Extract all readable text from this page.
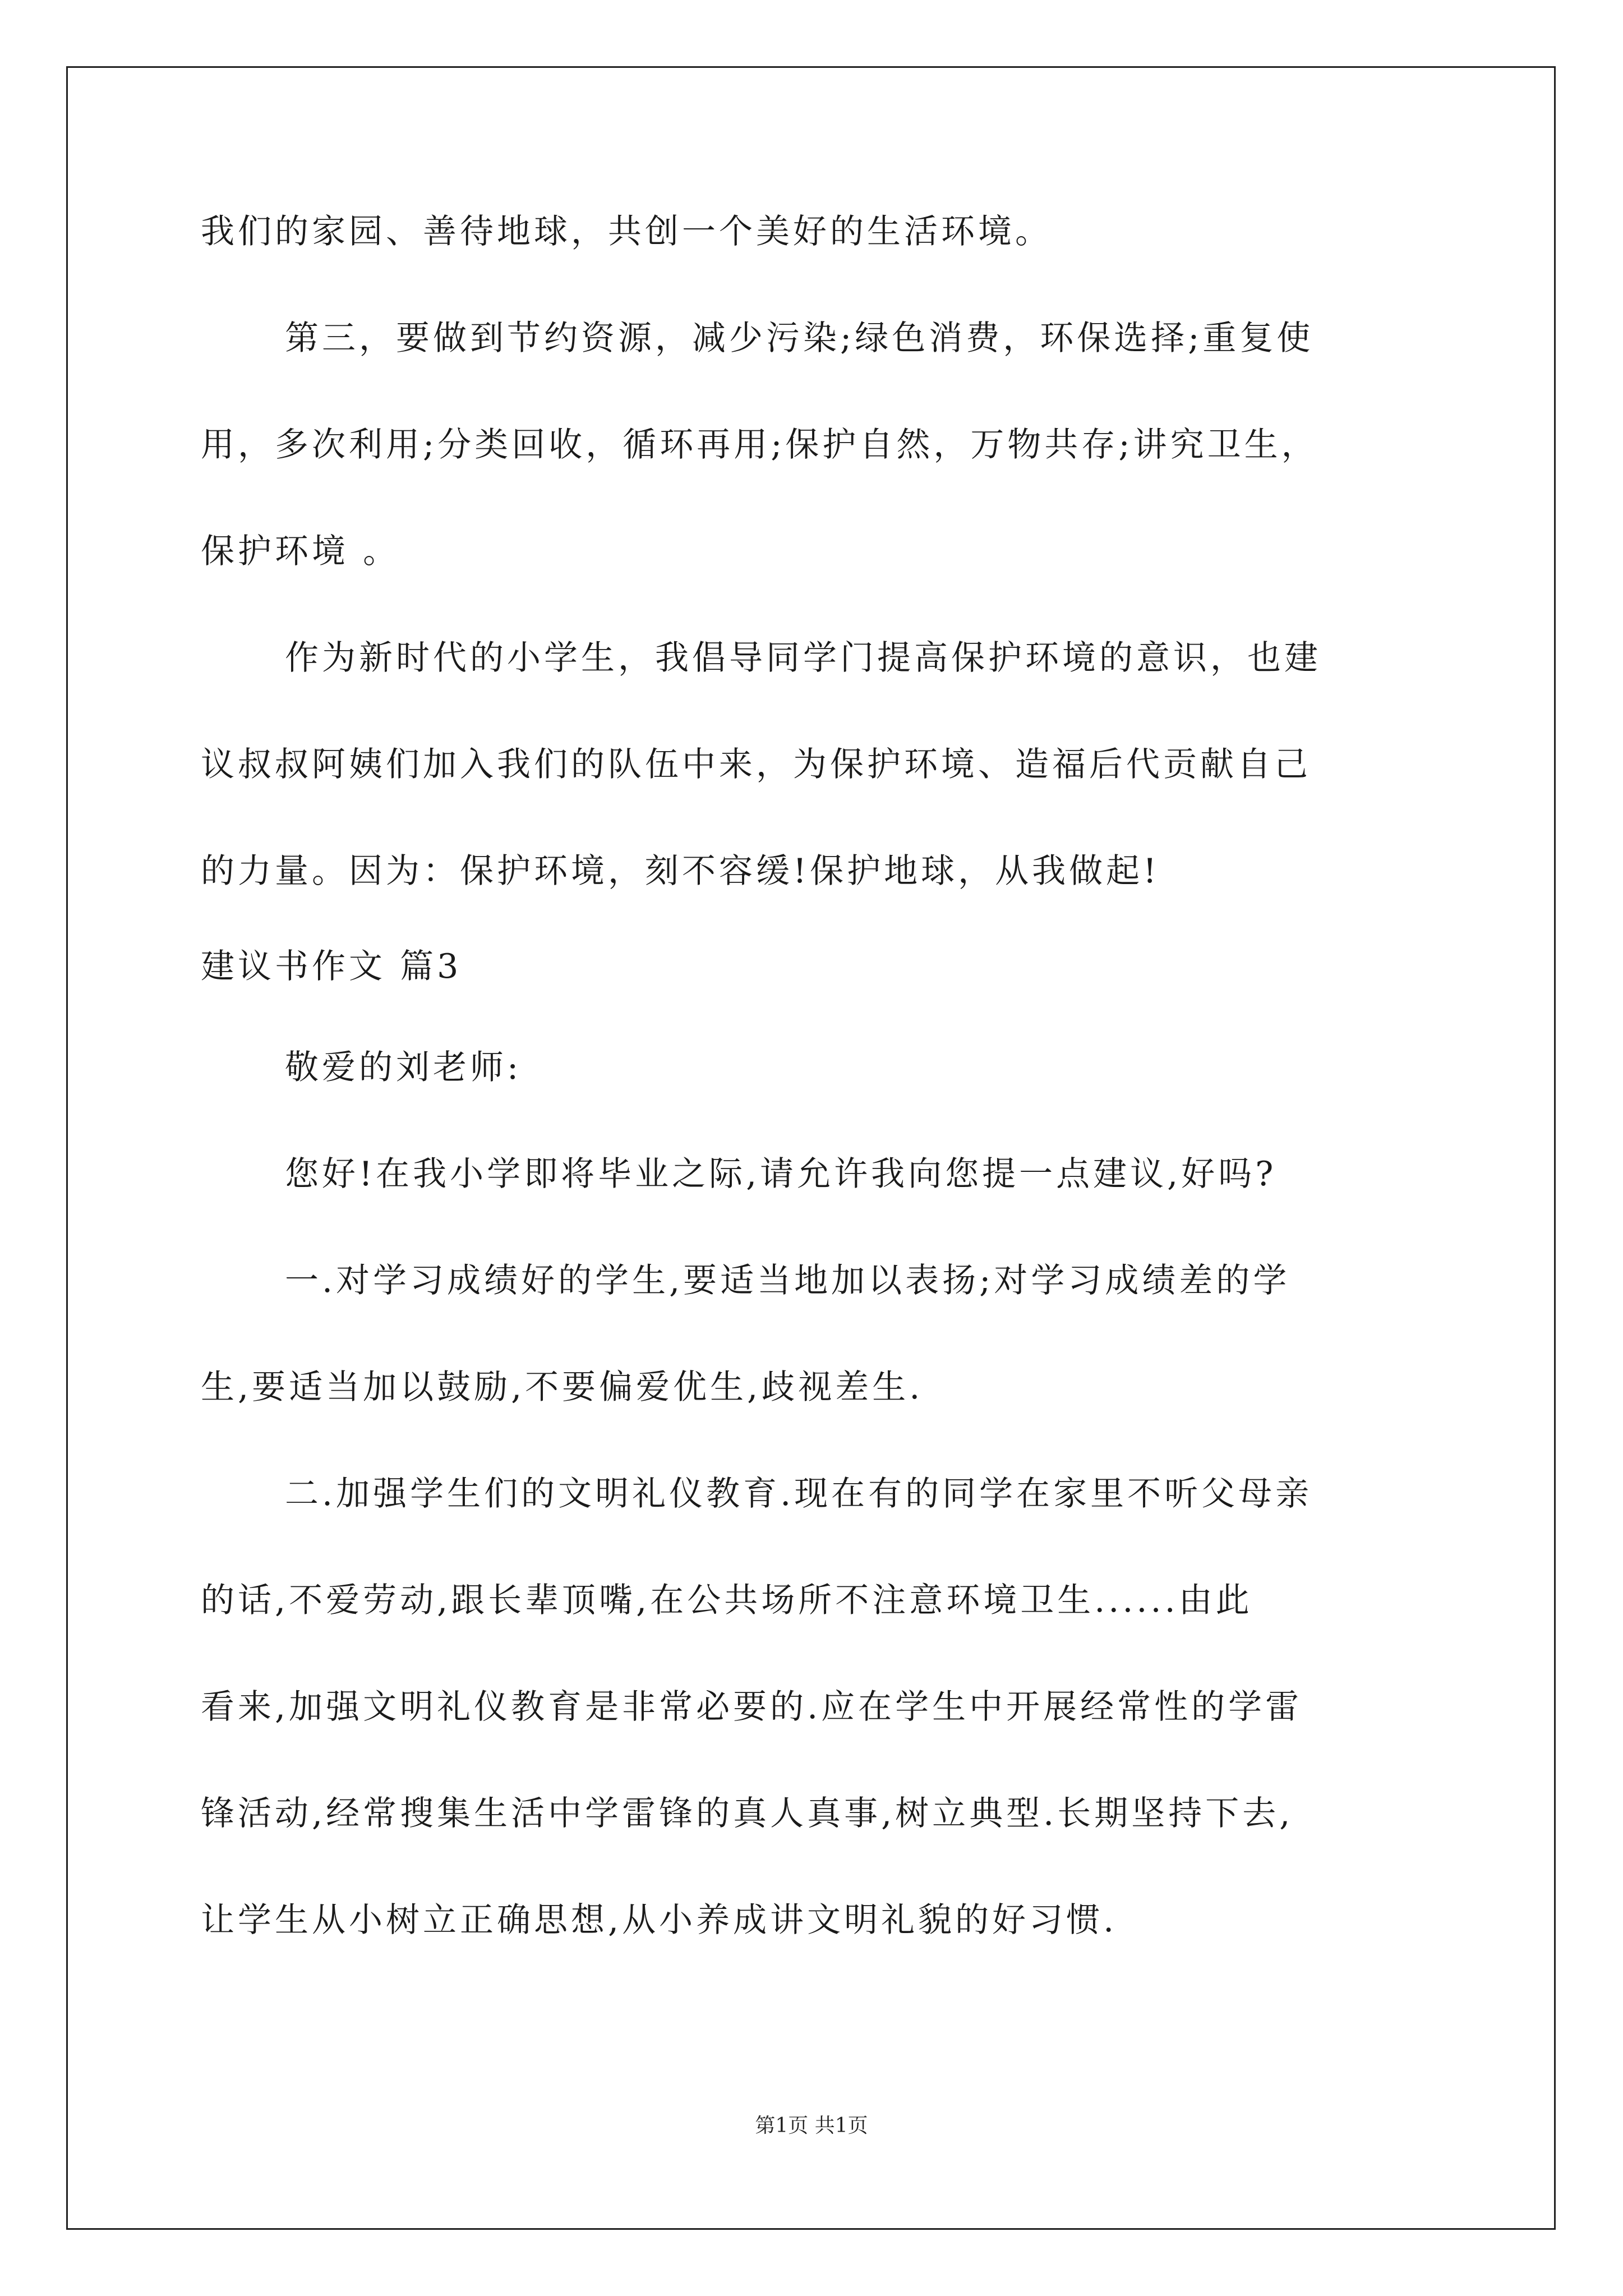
我们的家园、善待地球，共创一个美好的生活环境。
第三，要做到节约资源，减少污染;绿色消费，环保选择;重复使
用，多次利用;分类回收，循环再用;保护自然，万物共存;讲究卫生，
保护环境 。
作为新时代的小学生，我倡导同学门提高保护环境的意识，也建
议叔叔阿姨们加入我们的队伍中来，为保护环境、造福后代贡献自己
的力量。因为：保护环境，刻不容缓!保护地球，从我做起!
建议书作文 篇3
敬爱的刘老师:
您好!在我小学即将毕业之际,请允许我向您提一点建议,好吗?
一.对学习成绩好的学生,要适当地加以表扬;对学习成绩差的学
生,要适当加以鼓励,不要偏爱优生,歧视差生.
二.加强学生们的文明礼仪教育.现在有的同学在家里不听父母亲
的话,不爱劳动,跟长辈顶嘴,在公共场所不注意环境卫生......由此
看来,加强文明礼仪教育是非常必要的.应在学生中开展经常性的学雷
锋活动,经常搜集生活中学雷锋的真人真事,树立典型.长期坚持下去,
让学生从小树立正确思想,从小养成讲文明礼貌的好习惯.
第1页 共1页
